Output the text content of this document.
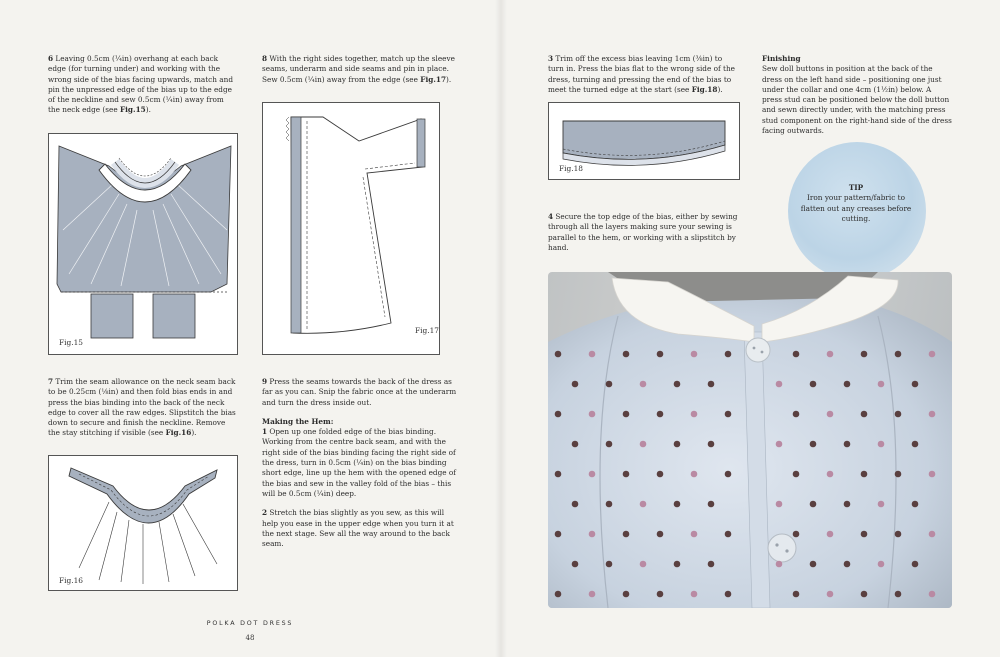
6 Leaving 0.5cm (¼in) overhang at each back edge (for turning under) and working with the wrong side of the bias facing upwards, match and pin the unpressed edge of the bias up to the edge of the neckline and sew 0.5cm (¼in) away from the neck edge (see Fig.15).

Fig.15

8 With the right sides together, match up the sleeve seams, underarm and side seams and pin in place. Sew 0.5cm (¼in) away from the edge (see Fig.17).

Fig.17

7 Trim the seam allowance on the neck seam back to be 0.25cm (⅛in) and then fold bias ends in and press the bias binding into the back of the neck edge to cover all the raw edges. Slipstitch the bias down to secure and finish the neckline. Remove the stay stitching if visible (see Fig.16).

Fig.16

9 Press the seams towards the back of the dress as far as you can. Snip the fabric once at the underarm and turn the dress inside out.

Making the Hem:

1 Open up one folded edge of the bias binding. Working from the centre back seam, and with the right side of the bias binding facing the right side of the dress, turn in 0.5cm (¼in) on the bias binding short edge, line up the hem with the opened edge of the bias and sew in the valley fold of the bias – this will be 0.5cm (¼in) deep.

2 Stretch the bias slightly as you sew, as this will help you ease in the upper edge when you turn it at the next stage. Sew all the way around to the back seam.

POLKA DOT DRESS
48

3 Trim off the excess bias leaving 1cm (⅜in) to turn in. Press the bias flat to the wrong side of the dress, turning and pressing the end of the bias to meet the turned edge at the start (see Fig.18).

Fig.18

4 Secure the top edge of the bias, either by sewing through all the layers making sure your sewing is parallel to the hem, or working with a slipstitch by hand.

Finishing
Sew doll buttons in position at the back of the dress on the left hand side – positioning one just under the collar and one 4cm (1½in) below. A press stud can be positioned below the doll button and sewn directly under, with the matching press stud component on the right-hand side of the dress facing outwards.
TIP
Iron your pattern/fabric to flatten out any creases before cutting.
